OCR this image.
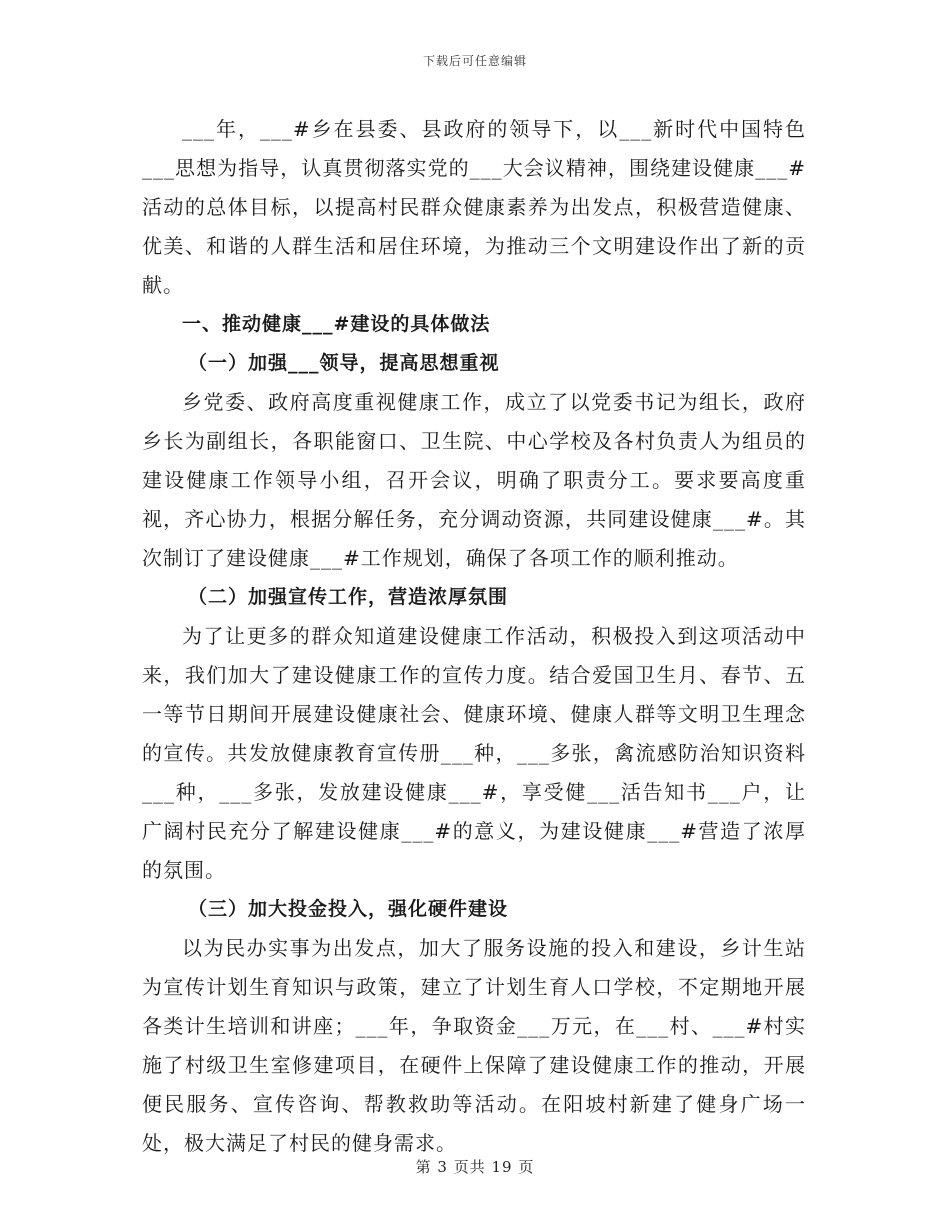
下载后可任意编辑

___年，___#乡在县委、县政府的领导下，以___新时代中国特色___思想为指导，认真贯彻落实党的___大会议精神，围绕建设健康___#活动的总体目标，以提高村民群众健康素养为出发点，积极营造健康、优美、和谐的人群生活和居住环境，为推动三个文明建设作出了新的贡献。

一、推动健康___#建设的具体做法

（一）加强___领导，提高思想重视

乡党委、政府高度重视健康工作，成立了以党委书记为组长，政府乡长为副组长，各职能窗口、卫生院、中心学校及各村负责人为组员的建设健康工作领导小组，召开会议，明确了职责分工。要求要高度重视，齐心协力，根据分解任务，充分调动资源，共同建设健康___#。其次制订了建设健康___#工作规划，确保了各项工作的顺利推动。

（二）加强宣传工作，营造浓厚氛围

为了让更多的群众知道建设健康工作活动，积极投入到这项活动中来，我们加大了建设健康工作的宣传力度。结合爱国卫生月、春节、五一等节日期间开展建设健康社会、健康环境、健康人群等文明卫生理念的宣传。共发放健康教育宣传册___种，___多张，禽流感防治知识资料___种，___多张，发放建设健康___#，享受健___活告知书___户，让广阔村民充分了解建设健康___#的意义，为建设健康___#营造了浓厚的氛围。

（三）加大投金投入，强化硬件建设

以为民办实事为出发点，加大了服务设施的投入和建设，乡计生站为宣传计划生育知识与政策，建立了计划生育人口学校，不定期地开展各类计生培训和讲座；___年，争取资金___万元，在___村、___#村实施了村级卫生室修建项目，在硬件上保障了建设健康工作的推动，开展便民服务、宣传咨询、帮教救助等活动。在阳坡村新建了健身广场一处，极大满足了村民的健身需求。

第 3 页共 19 页
